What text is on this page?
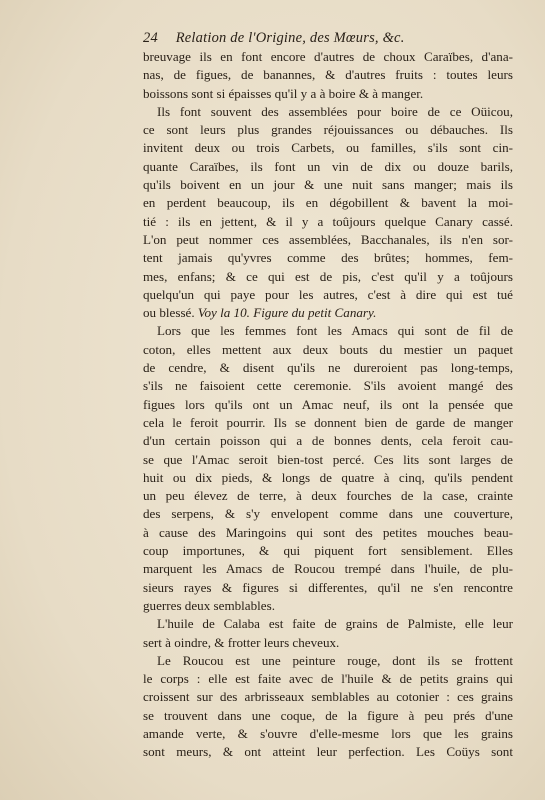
24 Relation de l'Origine, des Mœurs, &c.
breuvage ils en font encore d'autres de choux Caraïbes, d'ana-
nas, de figues, de banannes, & d'autres fruits : toutes leurs
boissons sont si épaisses qu'il y a à boire & à manger.
Ils font souvent des assemblées pour boire de ce Oüicou,
ce sont leurs plus grandes réjouissances ou débauches. Ils
invitent deux ou trois Carbets, ou familles, s'ils sont cin-
quante Caraïbes, ils font un vin de dix ou douze barils,
qu'ils boivent en un jour & une nuit sans manger; mais ils
en perdent beaucoup, ils en dégobillent & bavent la moi-
tié : ils en jettent, & il y a toûjours quelque Canary cassé.
L'on peut nommer ces assemblées, Bacchanales, ils n'en sor-
tent jamais qu'yvres comme des brûtes; hommes, fem-
mes, enfans; & ce qui est de pis, c'est qu'il y a toûjours
quelqu'un qui paye pour les autres, c'est à dire qui est tué
ou blessé. Voy la 10. Figure du petit Canary.
Lors que les femmes font les Amacs qui sont de fil de
coton, elles mettent aux deux bouts du mestier un paquet
de cendre, & disent qu'ils ne dureroient pas long-temps,
s'ils ne faisoient cette ceremonie. S'ils avoient mangé des
figues lors qu'ils ont un Amac neuf, ils ont la pensée que
cela le feroit pourrir. Ils se donnent bien de garde de manger
d'un certain poisson qui a de bonnes dents, cela feroit cau-
se que l'Amac seroit bien-tost percé. Ces lits sont larges de
huit ou dix pieds, & longs de quatre à cinq, qu'ils pendent
un peu élevez de terre, à deux fourches de la case, crainte
des serpens, & s'y envelopent comme dans une couverture,
à cause des Maringoins qui sont des petites mouches beau-
coup importunes, & qui piquent fort sensiblement. Elles
marquent les Amacs de Roucou trempé dans l'huile, de plu-
sieurs rayes & figures si differentes, qu'il ne s'en rencontre
guerres deux semblables.
L'huile de Calaba est faite de grains de Palmiste, elle leur
sert à oindre, & frotter leurs cheveux.
Le Roucou est une peinture rouge, dont ils se frottent
le corps : elle est faite avec de l'huile & de petits grains qui
croissent sur des arbrisseaux semblables au cotonier : ces grains
se trouvent dans une coque, de la figure à peu prés d'une
amande verte, & s'ouvre d'elle-mesme lors que les grains
sont meurs, & ont atteint leur perfection. Les Coüys sont
